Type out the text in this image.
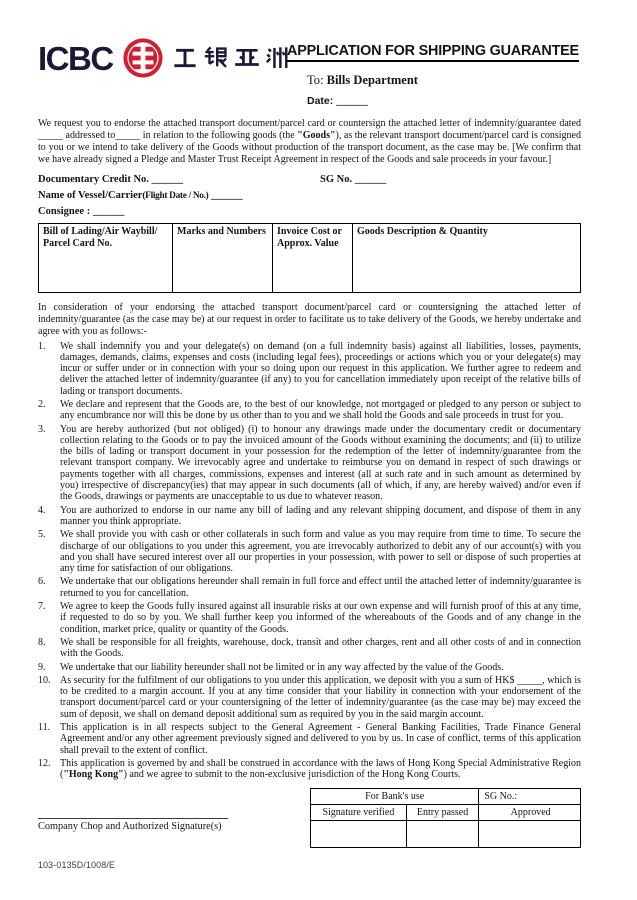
ICBC	APPLICATION FOR SHIPPING GUARANTEE
To: Bills Department
Date: ______

We request you to endorse the attached transport document/parcel card or countersign the attached letter of indemnity/guarantee dated _____ addressed to_____ in relation to the following goods (the "Goods"), as the relevant transport document/parcel card is consigned to you or we intend to take delivery of the Goods without production of the transport document, as the case may be. [We confirm that we have already signed a Pledge and Master Trust Receipt Agreement in respect of the Goods and sale proceeds in your favour.]

Documentary Credit No. ______	SG No. ______
Name of Vessel/Carrier(Flight Date / No.) ______
Consignee : ______
Bill of Lading/Air Waybill/ Parcel Card No.	Marks and Numbers	Invoice Cost or Approx. Value	Goods Description & Quantity

In consideration of your endorsing the attached transport document/parcel card or countersigning the attached letter of indemnity/guarantee (as the case may be) at our request in order to facilitate us to take delivery of the Goods, we hereby undertake and agree with you as follows:-

1. We shall indemnify you and your delegate(s) on demand (on a full indemnity basis) against all liabilities, losses, payments, damages, demands, claims, expenses and costs (including legal fees), proceedings or actions which you or your delegate(s) may incur or suffer under or in connection with your so doing upon our request in this application. We further agree to redeem and deliver the attached letter of indemnity/guarantee (if any) to you for cancellation immediately upon receipt of the relative bills of lading or transport documents.
2. We declare and represent that the Goods are, to the best of our knowledge, not mortgaged or pledged to any person or subject to any encumbrance nor will this be done by us other than to you and we shall hold the Goods and sale proceeds in trust for you.
3. You are hereby authorized (but not obliged) (i) to honour any drawings made under the documentary credit or documentary collection relating to the Goods or to pay the invoiced amount of the Goods without examining the documents; and (ii) to utilize the bills of lading or transport document in your possession for the redemption of the letter of indemnity/guarantee from the relevant transport company. We irrevocably agree and undertake to reimburse you on demand in respect of such drawings or payments together with all charges, commissions, expenses and interest (all at such rate and in such amount as determined by you) irrespective of discrepancy(ies) that may appear in such documents (all of which, if any, are hereby waived) and/or even if the Goods, drawings or payments are unacceptable to us due to whatever reason.
4. You are authorized to endorse in our name any bill of lading and any relevant shipping document, and dispose of them in any manner you think appropriate.
5. We shall provide you with cash or other collaterals in such form and value as you may require from time to time. To secure the discharge of our obligations to you under this agreement, you are irrevocably authorized to debit any of our account(s) with you and you shall have secured interest over all our properties in your possession, with power to sell or dispose of such properties at any time for satisfaction of our obligations.
6. We undertake that our obligations hereunder shall remain in full force and effect until the attached letter of indemnity/guarantee is returned to you for cancellation.
7. We agree to keep the Goods fully insured against all insurable risks at our own expense and will furnish proof of this at any time, if requested to do so by you. We shall further keep you informed of the whereabouts of the Goods and of any change in the condition, market price, quality or quantity of the Goods.
8. We shall be responsible for all freights, warehouse, dock, transit and other charges, rent and all other costs of and in connection with the Goods.
9. We undertake that our liability hereunder shall not be limited or in any way affected by the value of the Goods.
10. As security for the fulfilment of our obligations to you under this application, we deposit with you a sum of HK$ _____, which is to be credited to a margin account. If you at any time consider that your liability in connection with your endorsement of the transport document/parcel card or your countersigning of the letter of indemnity/guarantee (as the case may be) may exceed the sum of deposit, we shall on demand deposit additional sum as required by you in the said margin account.
11. This application is in all respects subject to the General Agreement - General Banking Facilities, Trade Finance General Agreement and/or any other agreement previously signed and delivered to you by us. In case of conflict, terms of this application shall prevail to the extent of conflict.
12. This application is governed by and shall be construed in accordance with the laws of Hong Kong Special Administrative Region ("Hong Kong") and we agree to submit to the non-exclusive jurisdiction of the Hong Kong Courts.
For Bank's use		SG No.:
Signature verified	Entry passed	Approved

Company Chop and Authorized Signature(s)
103-0135D/1008/E
